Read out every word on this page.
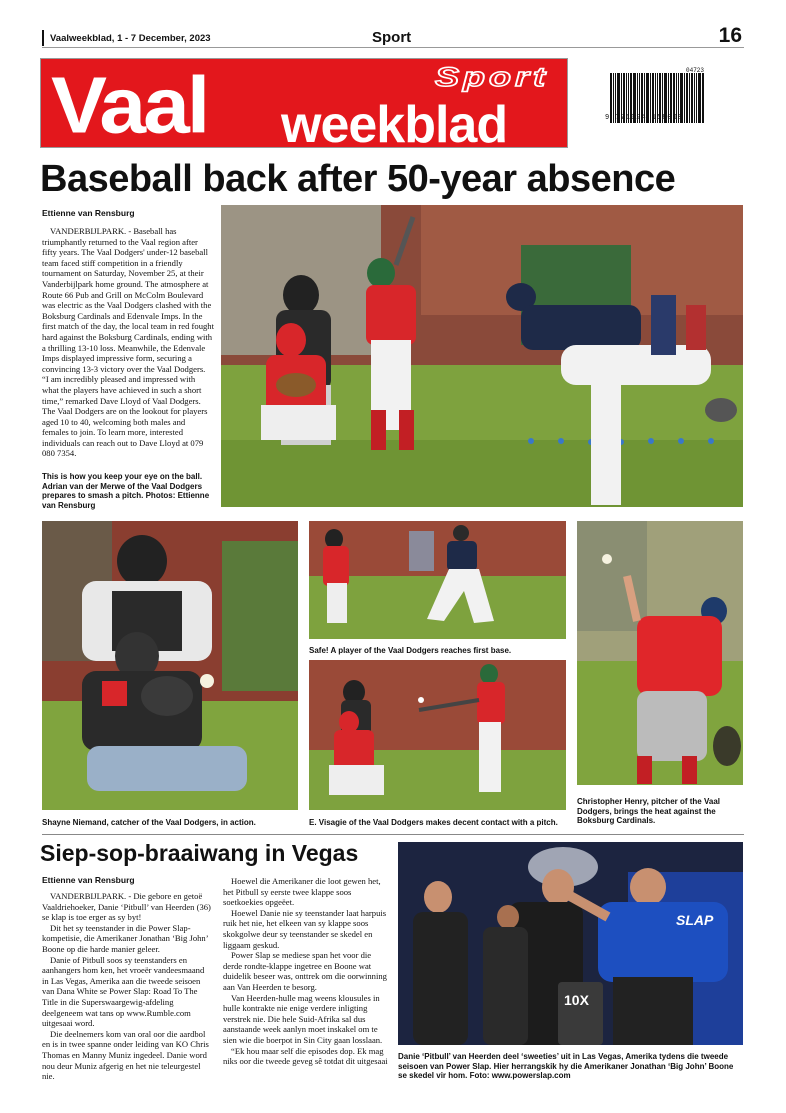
Vaalweekblad, 1 - 7 December, 2023	Sport	16
Sport
Vaal weekblad
04723
9 771024 158008
Baseball back after 50-year absence
Ettienne van Rensburg

VANDERBIJLPARK. - Baseball has triumphantly returned to the Vaal region after fifty years. The Vaal Dodgers' under-12 baseball team faced stiff competition in a friendly tournament on Saturday, November 25, at their Vanderbijlpark home ground. The atmosphere at Route 66 Pub and Grill on McColm Boulevard was electric as the Vaal Dodgers clashed with the Boksburg Cardinals and Edenvale Imps. In the first match of the day, the local team in red fought hard against the Boksburg Cardinals, ending with a thrilling 13-10 loss. Meanwhile, the Edenvale Imps displayed impressive form, securing a convincing 13-3 victory over the Vaal Dodgers. “I am incredibly pleased and impressed with what the players have achieved in such a short time,” remarked Dave Lloyd of Vaal Dodgers. The Vaal Dodgers are on the lookout for players aged 10 to 40, welcoming both males and females to join. To learn more, interested individuals can reach out to Dave Lloyd at 079 080 7354.

This is how you keep your eye on the ball. Adrian van der Merwe of the Vaal Dodgers prepares to smash a pitch. Photos: Ettienne van Rensburg
Shayne Niemand, catcher of the Vaal Dodgers, in action.
Safe! A player of the Vaal Dodgers reaches first base.
E. Visagie of the Vaal Dodgers makes decent contact with a pitch.
Christopher Henry, pitcher of the Vaal Dodgers, brings the heat against the Boksburg Cardinals.
Siep-sop-braaiwang in Vegas
Ettienne van Rensburg

VANDERBIJLPARK. - Die gebore en getoë Vaaldriehoeker, Danie ‘Pitbull’ van Heerden (36) se klap is toe erger as sy byt!

Dit het sy teenstander in die Power Slap-kompetisie, die Amerikaner Jonathan ‘Big John’ Boone op die harde manier geleer.

Danie of Pitbull soos sy teenstanders en aanhangers hom ken, het vroeër vandeesmaand in Las Vegas, Amerika aan die tweede seisoen van Dana White se Power Slap: Road To The Title in die Superswaargewig-afdeling deelgeneem wat tans op www.Rumble.com uitgesaai word.

Die deelnemers kom van oral oor die aardbol en is in twee spanne onder leiding van KO Chris Thomas en Manny Muniz ingedeel. Danie word nou deur Muniz afgerig en het nie teleurgestel nie.

Hoewel die Amerikaner die loot gewen het, het Pitbull sy eerste twee klappe soos soetkoekies opgeëet.

Hoewel Danie nie sy teenstander laat harpuis ruik het nie, het elkeen van sy klappe soos skokgolwe deur sy teenstander se skedel en liggaam geskud.

Power Slap se mediese span het voor die derde rondte-klappe ingetree en Boone wat duidelik beseer was, onttrek om die oorwinning aan Van Heerden te besorg.

Van Heerden-hulle mag weens klousules in hulle kontrakte nie enige verdere inligting verstrek nie. Die hele Suid-Afrika sal dus aanstaande week aanlyn moet inskakel om te sien wie die boerpot in Sin City gaan losslaan.

“Ek hou maar self die episodes dop. Ek mag niks oor die tweede geveg sê totdat dit uitgesaai

SLAP
10X
Danie ‘Pitbull’ van Heerden deel ‘sweeties’ uit in Las Vegas, Amerika tydens die tweede seisoen van Power Slap. Hier herrangskik hy die Amerikaner Jonathan ‘Big John’ Boone se skedel vir hom. Foto: www.powerslap.com
